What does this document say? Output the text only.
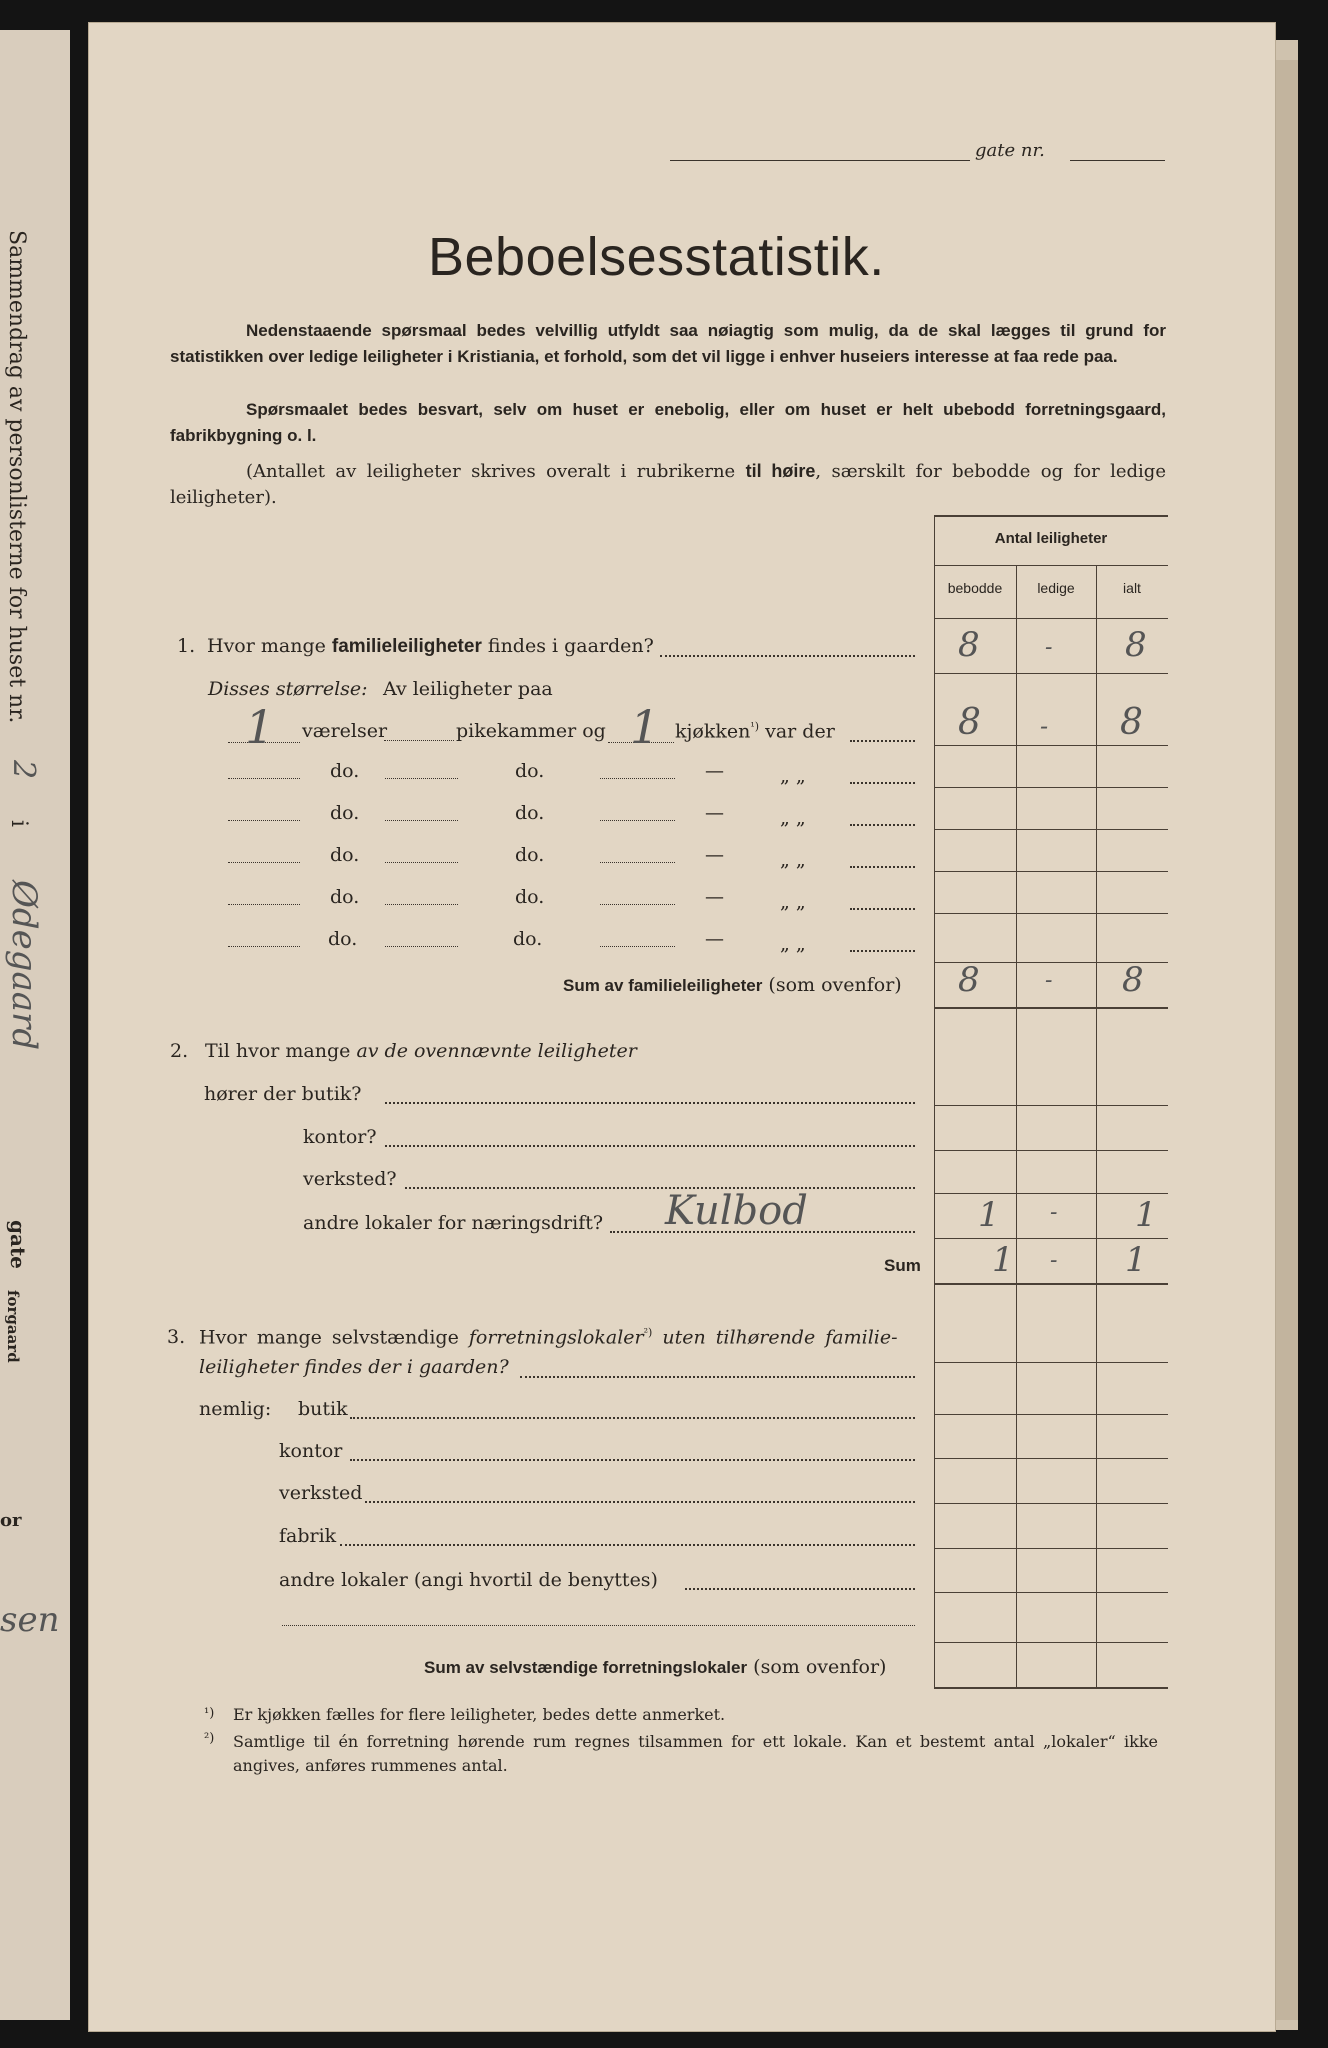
Sammendrag av personlisterne for huset nr.
2
i
Ødegaard
gate
forgaard
or
sen
gate nr.
Beboelsesstatistik.
Nedenstaaende spørsmaal bedes velvillig utfyldt saa nøiagtig som mulig, da de skal lægges til grund for statistikken over ledige leiligheter i Kristiania, et forhold, som det vil ligge i enhver huseiers interesse at faa rede paa.
Spørsmaalet bedes besvart, selv om huset er enebolig, eller om huset er helt ubebodd forretningsgaard, fabrikbygning o. l.
(Antallet av leiligheter skrives overalt i rubrikerne til høire, særskilt for bebodde og for ledige leiligheter).
Antal leiligheter
bebodde	ledige	ialt
1. Hvor mange familieleiligheter findes i gaarden?	8	- 8
Disses størrelse: Av leiligheter paa
1 værelser	pikekammer og 1 kjøkken$^{^1)}$ var der	8 - 8
do.	do.	—	„ „
do.	do.	—	„ „
do.	do.	—	„ „
do.	do.	—	„ „
do.	do.	—	„ „
Sum av familieleiligheter (som ovenfor) 8	- 8
2. Til hvor mange av de ovennævnte leiligheter
hører der butik?
kontor?
verksted?
andre lokaler for næringsdrift? Kulbod	1 - 1
Sum 1 - 1
3. Hvor mange selvstændige forretningslokaler$^{^2)}$ uten tilhørende familie-
leiligheter findes der i gaarden?
nemlig: butik
kontor
verksted
fabrik
andre lokaler (angi hvortil de benyttes)
Sum av selvstændige forretningslokaler (som ovenfor)
¹) Er kjøkken fælles for flere leiligheter, bedes dette anmerket.
²) Samtlige til én forretning hørende rum regnes tilsammen for ett lokale. Kan et bestemt antal „lokaler“ ikke angives, anføres rummenes antal.
